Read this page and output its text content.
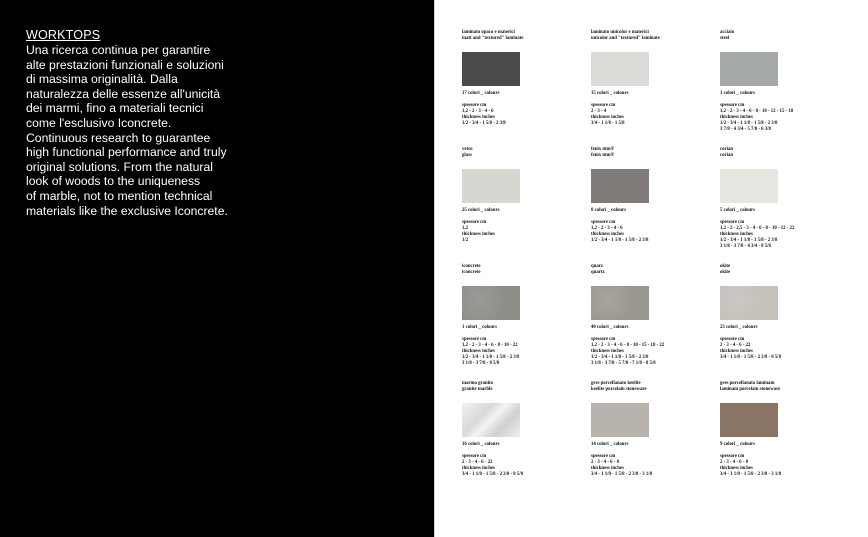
WORKTOPS
Una ricerca continua per garantire
alte prestazioni funzionali e soluzioni
di massima originalità. Dalla
naturalezza delle essenze all'unicità
dei marmi, fino a materiali tecnici
come l'esclusivo Iconcrete.
Continuous research to guarantee
high functional performance and truly
original solutions. From the natural
look of woods to the uniqueness
of marble, not to mention technical
materials like the exclusive Iconcrete.
laminato opaco e materici
matt and "textured" laminate
17 colori _ colours
spessore cm
1,2 - 2 - 3 - 4 - 6
thickness inches
1/2 - 3/4 - 1 5/8 - 2 3/8
laminato unicolor e materici
unicolor and "textured" laminate
15 colori _ colours
spessore cm
2 - 3 - 4
thickness inches
3/4 - 1 1/8 - 1 5/8
acciaio
steel
3 colori _ colours
spessore cm
1,2 - 2 - 3 - 4 - 6 - 8 - 10 - 12 - 15 - 18
thickness inches
1/2 - 3/4 - 1 1/8 - 1 5/8 - 2 3/8
3 7/8 - 4 3/4 - 5 7/8 - 6 3/8
vetro
glass
25 colori _ colours
spessore cm
1,2
thickness inches
1/2
fenix ntm®
fenix ntm®
8 colori _ colours
spessore cm
1,2 - 2 - 3 - 4 - 6
thickness inches
1/2 - 3/4 - 1 1/8 - 1 5/8 - 2 3/8
corian
corian
5 colori _ colours
spessore cm
1,2 - 2 - 2,5 - 3 - 4 - 6 - 8 - 10 - 12 - 22
thickness inches
1/2 - 3/4 - 1 1/8 - 1 5/8 - 2 3/8
3 1/8 - 3 7/8 - 4 3/4 - 8 5/8
iconcrete
iconcrete
1 colori _ colours
spessore cm
1,2 - 2 - 3 - 4 - 6 - 8 - 10 - 22
thickness inches
1/2 - 3/4 - 1 1/8 - 1 5/8 - 2 3/8
3 1/8 - 3 7/8 - 8 5/8
quarz
quartz
40 colori _ colours
spessore cm
1,2 - 2 - 3 - 4 - 6 - 8 - 10 - 15 - 18 - 22
thickness inches
1/2 - 3/4 - 1 1/8 - 1 5/8 - 2 3/8
3 1/8 - 3 7/8 - 5 7/8 - 7 1/8 - 8 5/8
okite
okite
23 colori _ colours
spessore cm
2 - 3 - 4 - 6 - 22
thickness inches
3/4 - 1 1/8 - 1 5/8 - 2 3/8 - 8 5/8
marmo granito
granite marble
16 colori _ colours
spessore cm
2 - 3 - 4 - 6 - 22
thickness inches
3/4 - 1 1/8 - 1 5/8 - 2 3/8 - 8 5/8
gres porcellanato keelite
keelite porcelain stoneware
14 colori _ colours
spessore cm
2 - 3 - 4 - 6 - 8
thickness inches
3/4 - 1 1/8 - 1 5/8 - 2 3/8 - 3 1/8
gres porcellanato laminam
laminam porcelain stoneware
9 colori _ colours
spessore cm
2 - 3 - 4 - 6 - 8
thickness inches
3/4 - 1 1/8 - 1 5/8 - 2 3/8 - 3 1/8
